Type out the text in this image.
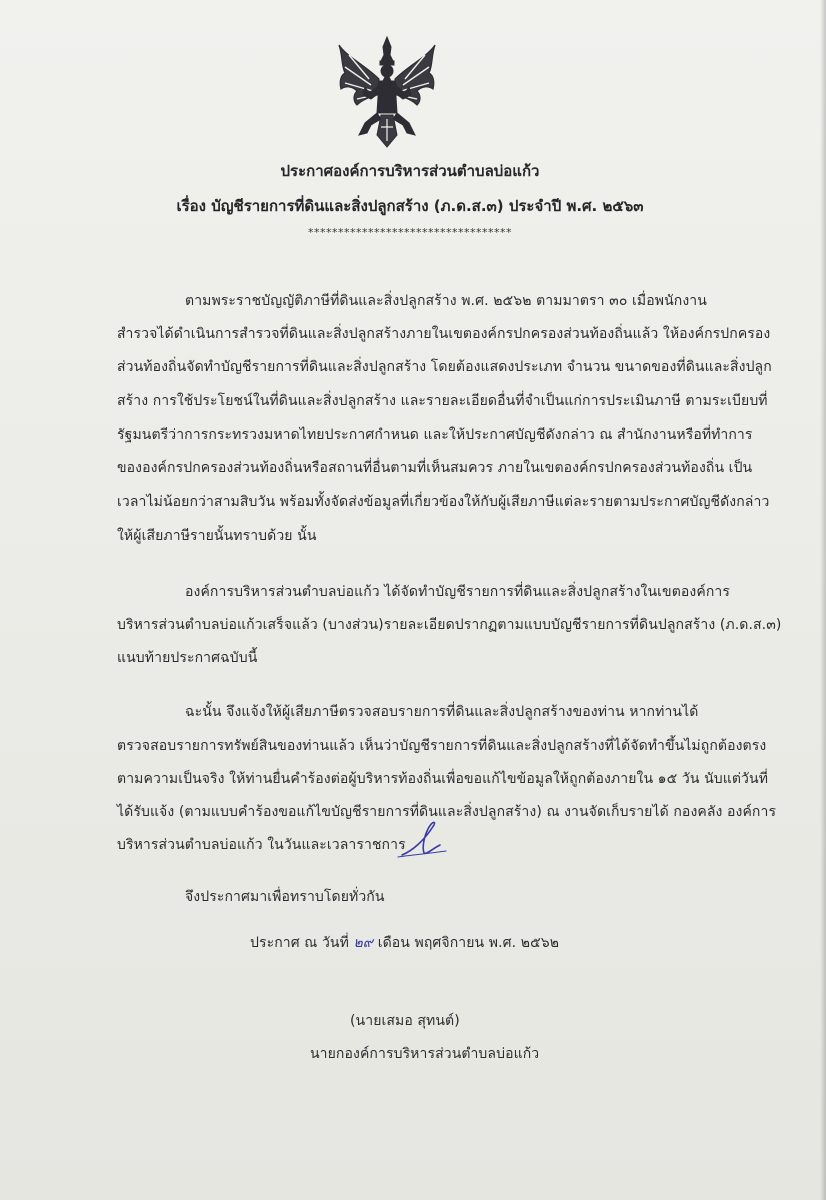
ประกาศองค์การบริหารส่วนตำบลบ่อแก้ว
เรื่อง บัญชีรายการที่ดินและสิ่งปลูกสร้าง (ภ.ด.ส.๓) ประจำปี พ.ศ. ๒๕๖๓
**********************************
ตามพระราชบัญญัติภาษีที่ดินและสิ่งปลูกสร้าง พ.ศ. ๒๕๖๒ ตามมาตรา ๓๐ เมื่อพนักงาน
สำรวจได้ดำเนินการสำรวจที่ดินและสิ่งปลูกสร้างภายในเขตองค์กรปกครองส่วนท้องถิ่นแล้ว ให้องค์กรปกครอง
ส่วนท้องถิ่นจัดทำบัญชีรายการที่ดินและสิ่งปลูกสร้าง โดยต้องแสดงประเภท จำนวน ขนาดของที่ดินและสิ่งปลูก
สร้าง การใช้ประโยชน์ในที่ดินและสิ่งปลูกสร้าง และรายละเอียดอื่นที่จำเป็นแก่การประเมินภาษี ตามระเบียบที่
รัฐมนตรีว่าการกระทรวงมหาดไทยประกาศกำหนด และให้ประกาศบัญชีดังกล่าว ณ สำนักงานหรือที่ทำการ
ขององค์กรปกครองส่วนท้องถิ่นหรือสถานที่อื่นตามที่เห็นสมควร ภายในเขตองค์กรปกครองส่วนท้องถิ่น เป็น
เวลาไม่น้อยกว่าสามสิบวัน พร้อมทั้งจัดส่งข้อมูลที่เกี่ยวข้องให้กับผู้เสียภาษีแต่ละรายตามประกาศบัญชีดังกล่าว
ให้ผู้เสียภาษีรายนั้นทราบด้วย นั้น
องค์การบริหารส่วนตำบลบ่อแก้ว ได้จัดทำบัญชีรายการที่ดินและสิ่งปลูกสร้างในเขตองค์การ
บริหารส่วนตำบลบ่อแก้วเสร็จแล้ว (บางส่วน)รายละเอียดปรากฏตามแบบบัญชีรายการที่ดินปลูกสร้าง (ภ.ด.ส.๓)
แนบท้ายประกาศฉบับนี้
ฉะนั้น จึงแจ้งให้ผู้เสียภาษีตรวจสอบรายการที่ดินและสิ่งปลูกสร้างของท่าน หากท่านได้
ตรวจสอบรายการทรัพย์สินของท่านแล้ว เห็นว่าบัญชีรายการที่ดินและสิ่งปลูกสร้างที่ได้จัดทำขึ้นไม่ถูกต้องตรง
ตามความเป็นจริง ให้ท่านยื่นคำร้องต่อผู้บริหารท้องถิ่นเพื่อขอแก้ไขข้อมูลให้ถูกต้องภายใน ๑๕ วัน นับแต่วันที่
ได้รับแจ้ง (ตามแบบคำร้องขอแก้ไขบัญชีรายการที่ดินและสิ่งปลูกสร้าง) ณ งานจัดเก็บรายได้ กองคลัง องค์การ
บริหารส่วนตำบลบ่อแก้ว ในวันและเวลาราชการ
จึงประกาศมาเพื่อทราบโดยทั่วกัน
ประกาศ ณ วันที่ ๒๙ เดือน พฤศจิกายน พ.ศ. ๒๕๖๒
(นายเสมอ สุทนต์)
นายกองค์การบริหารส่วนตำบลบ่อแก้ว
